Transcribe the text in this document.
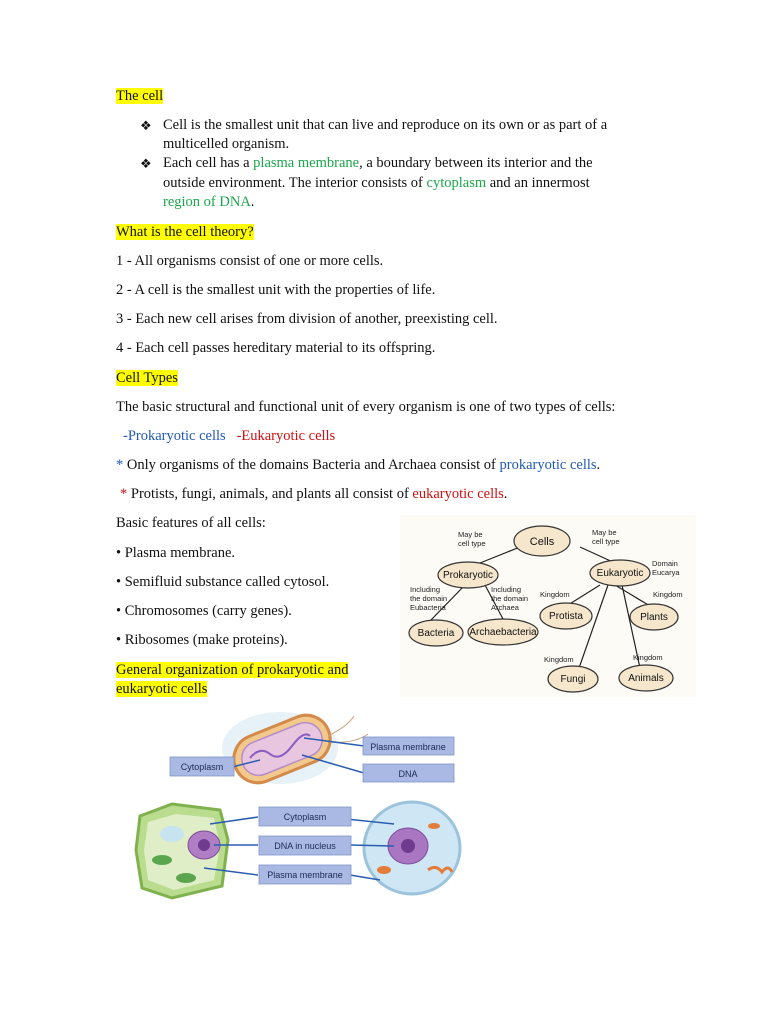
The cell
❖ Cell is the smallest unit that can live and reproduce on its own or as part of a
multicelled organism.
❖ Each cell has a plasma membrane, a boundary between its interior and the
outside environment. The interior consists of cytoplasm and an innermost
region of DNA.
What is the cell theory?
1 - All organisms consist of one or more cells.
2 - A cell is the smallest unit with the properties of life.
3 - Each new cell arises from division of another, preexisting cell.
4 - Each cell passes hereditary material to its offspring.
Cell Types
The basic structural and functional unit of every organism is one of two types of cells:
-Prokaryotic cells -Eukaryotic cells
* Only organisms of the domains Bacteria and Archaea consist of prokaryotic cells.
* Protists, fungi, animals, and plants all consist of eukaryotic cells.
Basic features of all cells:
• Plasma membrane.
• Semifluid substance called cytosol.
• Chromosomes (carry genes).
• Ribosomes (make proteins).
General organization of prokaryotic and
eukaryotic cells
Cells
Prokaryotic	Eukaryotic
Bacteria Archaebacteria
Protista	Plants
Fungi	Animals
May be
cell type
May be
cell type
Domain
Eucarya
Including
the domain
Eubacteria
Including
the domain
Archaea
Kingdom	Kingdom
Kingdom	Kingdom
Cytoplasm
Plasma membrane
DNA
Cytoplasm
DNA in nucleus
Plasma membrane
